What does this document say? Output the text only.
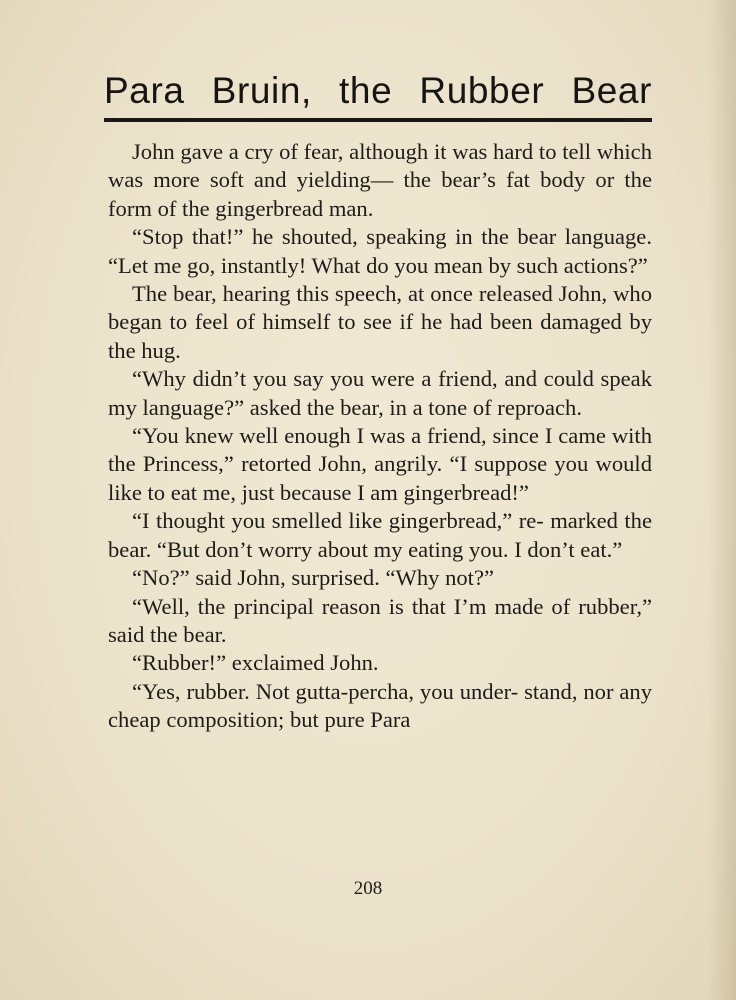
Para Bruin, the Rubber Bear

John gave a cry of fear, although it was hard to tell which was more soft and yielding— the bear’s fat body or the form of the gingerbread man.

“Stop that!” he shouted, speaking in the bear language. “Let me go, instantly! What do you mean by such actions?”

The bear, hearing this speech, at once released John, who began to feel of himself to see if he had been damaged by the hug.

“Why didn’t you say you were a friend, and could speak my language?” asked the bear, in a tone of reproach.

“You knew well enough I was a friend, since I came with the Princess,” retorted John, angrily. “I suppose you would like to eat me, just because I am gingerbread!”

“I thought you smelled like gingerbread,” re- marked the bear. “But don’t worry about my eating you. I don’t eat.”

“No?” said John, surprised. “Why not?”

“Well, the principal reason is that I’m made of rubber,” said the bear.

“Rubber!” exclaimed John.

“Yes, rubber. Not gutta-percha, you under- stand, nor any cheap composition; but pure Para

208
